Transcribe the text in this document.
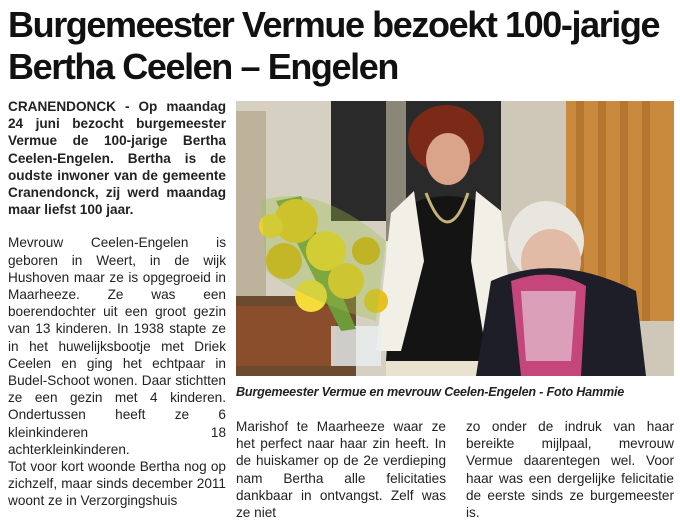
Burgemeester Vermue bezoekt 100-jarige
Bertha Ceelen – Engelen

CRANENDONCK - Op maandag 24 juni bezocht burgemeester Vermue de 100-jarige Bertha Ceelen-Engelen. Bertha is de oudste inwoner van de gemeente Cranendonck, zij werd maandag maar liefst 100 jaar.

Mevrouw Ceelen-Engelen is geboren in Weert, in de wijk Hushoven maar ze is opgegroeid in Maarheeze. Ze was een boerendochter uit een groot gezin van 13 kinderen. In 1938 stapte ze in het huwelijksbootje met Driek Ceelen en ging het echtpaar in Budel-Schoot wonen. Daar stichtten ze een gezin met 4 kinderen. Ondertussen heeft ze 6 kleinkinderen 18 achterkleinkinderen.

Tot voor kort woonde Bertha nog op zichzelf, maar sinds december 2011 woont ze in Verzorgingshuis

Burgemeester Vermue en mevrouw Ceelen-Engelen - Foto Hammie

Marishof te Maarheeze waar ze het perfect naar haar zin heeft. In de huiskamer op de 2e verdieping nam Bertha alle felicitaties dankbaar in ontvangst. Zelf was ze niet

zo onder de indruk van haar bereikte mijlpaal, mevrouw Vermue daarentegen wel. Voor haar was een dergelijke felicitatie de eerste sinds ze burgemeester is.
